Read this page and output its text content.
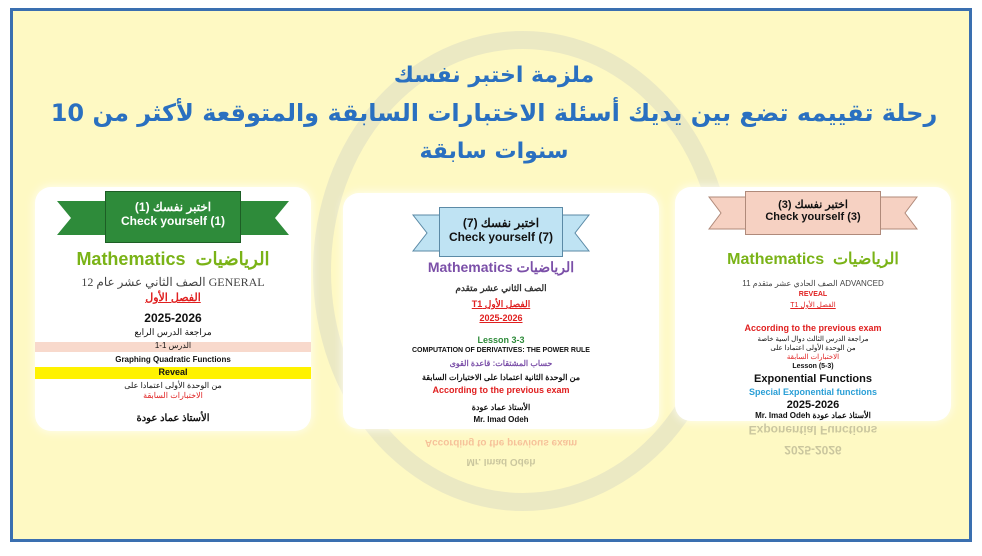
ملزمة اختبر نفسك
رحلة تقييمه تضع بين يديك أسئلة الاختبارات السابقة والمتوقعة لأكثر من 10
سنوات سابقة
اختبر نفسك (1)
Check yourself (1)
Mathematics الرياضيات
الصف الثاني عشر عام 12 GENERAL
الفصل الأول
2025-2026
مراجعة الدرس الرابع
الدرس 1-1
Graphing Quadratic Functions
Reveal
من الوحدة الأولى اعتمادا على
الاختبارات السابقة
الأستاذ عماد عودة
اختبر نفسك (7)
Check yourself (7)
Mathematics الرياضيات
الصف الثاني عشر متقدم
الفصل الأول T1
2025-2026
Lesson 3-3
COMPUTATION OF DERIVATIVES: THE POWER RULE
حساب المشتقات: قاعدة القوى
من الوحدة الثانية اعتمادا على الاختبارات السابقة
According to the previous exam
الأستاذ عماد عودة
Mr. Imad Odeh
Mr. Imad Odeh
According to the previous exam
اختبر نفسك (3)
Check yourself (3)
Mathematics الرياضيات
الصف الحادي عشر متقدم 11 ADVANCED
REVEAL
الفصل الأول T1
According to the previous exam
مراجعة الدرس الثالث دوال اسية خاصة
من الوحدة الأولى اعتمادا على
الاختبارات السابقة
Lesson (5-3)
Exponential Functions
Special Exponential functions
2025-2026
Mr. Imad Odeh الأستاذ عماد عودة
2025-2026
Exponential Functions
